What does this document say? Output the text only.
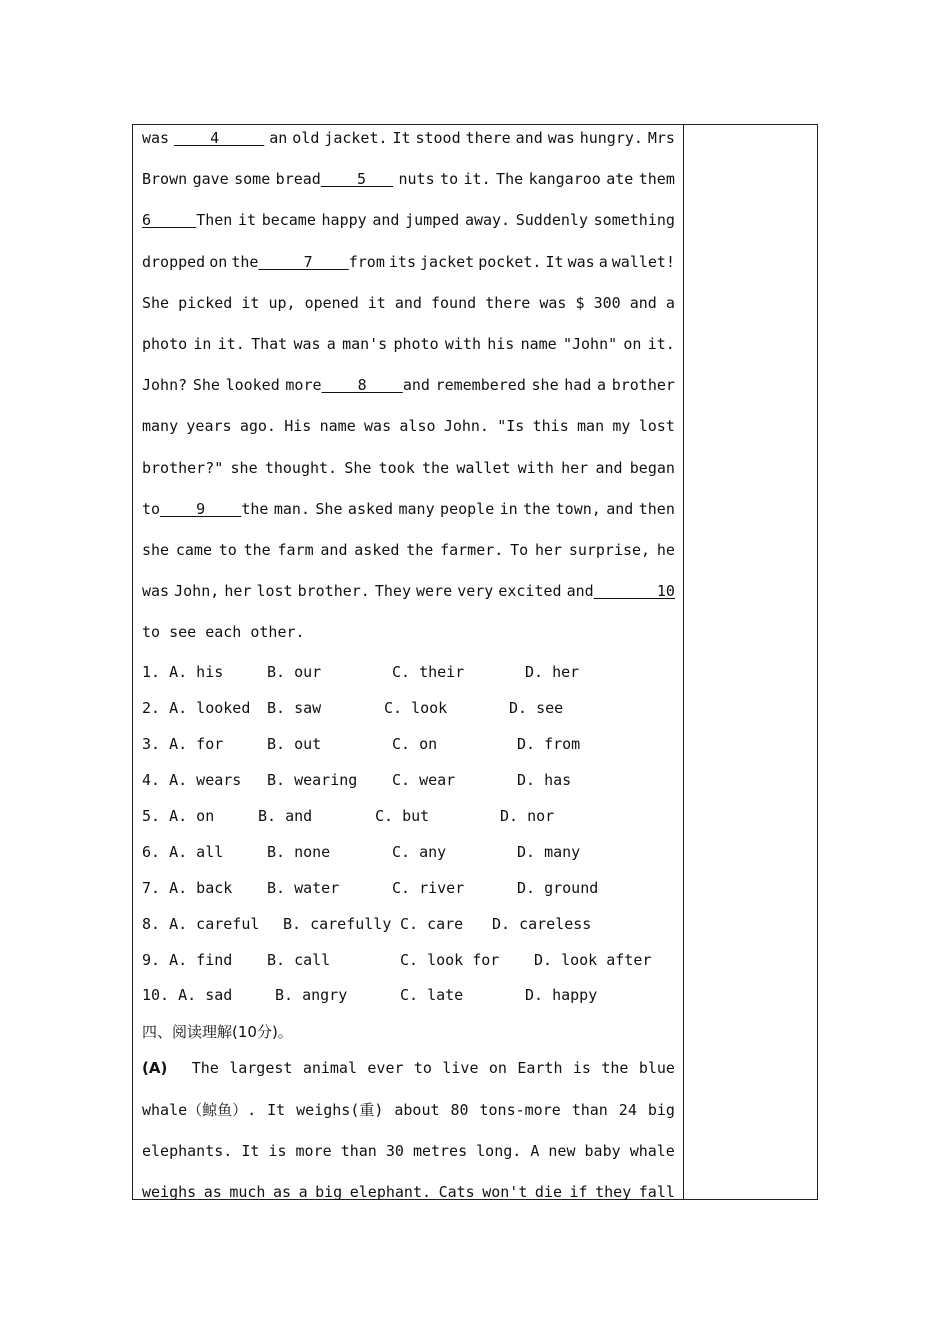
was 4 an old jacket. It stood there and was hungry. Mrs
Brown gave some bread    5 nuts to it. The kangaroo ate them
6     Then it became happy and jumped away. Suddenly something
dropped on the     7    from its jacket pocket. It was a wallet!
She picked it up, opened it and found there was $ 300 and a
photo in it. That was a man's photo with his name "John" on it.
John? She looked more    8    and remembered she had a brother
many years ago. His name was also John. "Is this man my lost
brother?" she thought. She took the wallet with her and began
to    9    the man. She asked many people in the town, and then
she came to the farm and asked the farmer. To her surprise, he
was John, her lost brother. They were very excited and       10
to see each other.
1. A. his	B. our	C. their	D. her
2. A. looked B. saw	C. look	D. see
3. A. for	B. out	C. on	D. from
4. A. wears B. wearing C. wear	D. has
5. A. on	B. and	C. but	D. nor
6. A. all	B. none	C. any	D. many
7. A. back B. water	C. river	D. ground
8. A. careful B. carefully C. care D. careless
9. A. find B. call	C. look for D. look after
10. A. sad	B. angry	C. late	D. happy
四、阅读理解(10分)。
(A) The largest animal ever to live on Earth is the blue
whale（鲸鱼）. It weighs(重) about 80 tons-more than 24 big
elephants. It is more than 30 metres long. A new baby whale
weighs as much as a big elephant. Cats won't die if they fall
